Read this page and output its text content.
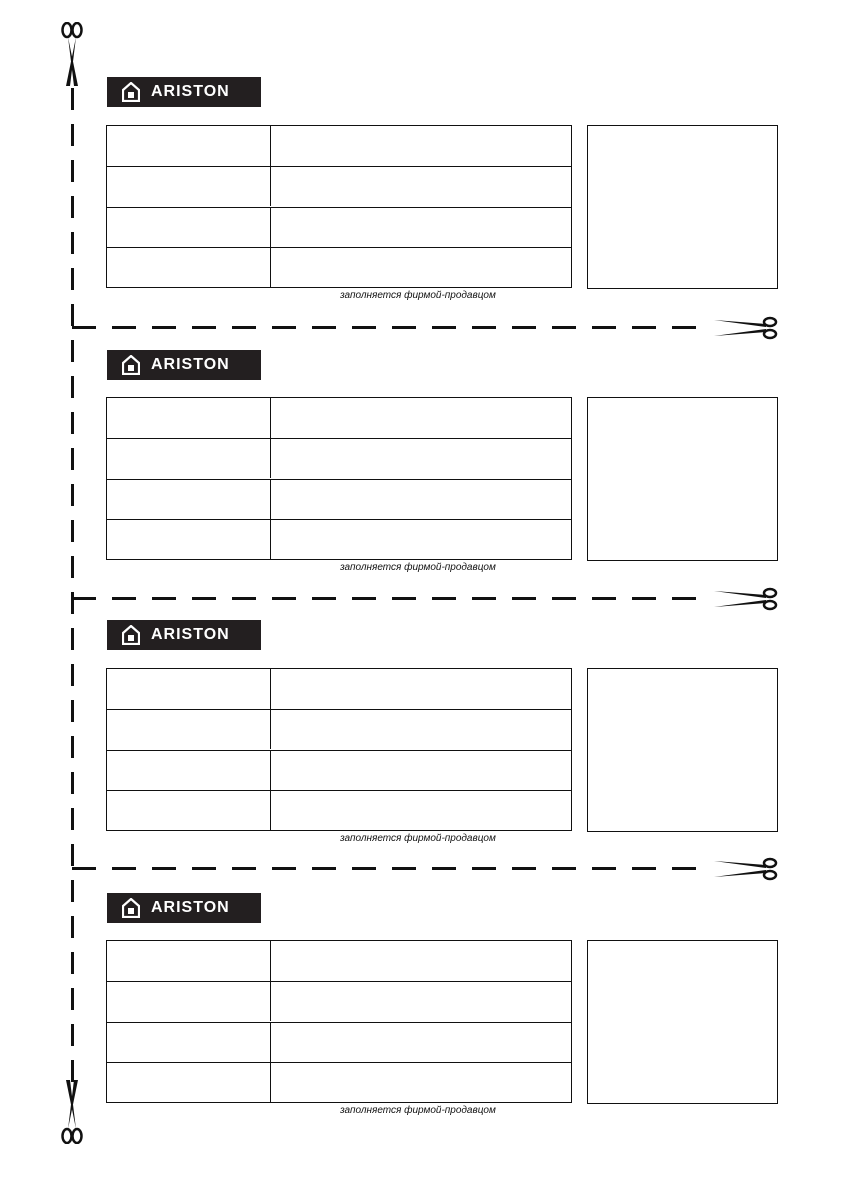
ARISTON
заполняется фирмой-продавцом
ARISTON
заполняется фирмой-продавцом
ARISTON
заполняется фирмой-продавцом
ARISTON
заполняется фирмой-продавцом
